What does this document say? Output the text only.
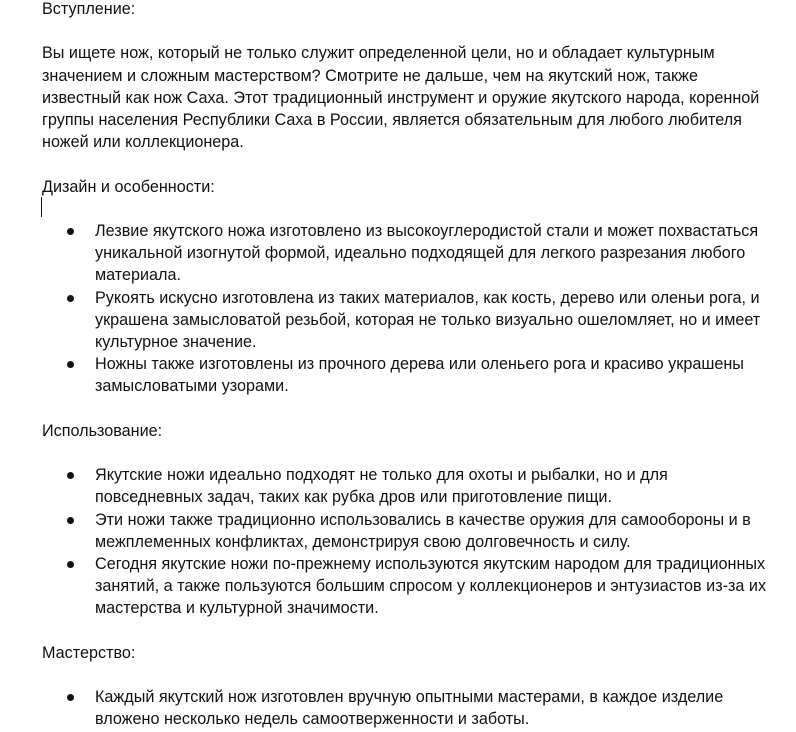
Вступление:

Вы ищете нож, который не только служит определенной цели, но и обладает культурным значением и сложным мастерством? Смотрите не дальше, чем на якутский нож, также известный как нож Саха. Этот традиционный инструмент и оружие якутского народа, коренной группы населения Республики Саха в России, является обязательным для любого любителя ножей или коллекционера.

Дизайн и особенности:

Лезвие якутского ножа изготовлено из высокоуглеродистой стали и может похвастаться уникальной изогнутой формой, идеально подходящей для легкого разрезания любого материала.
Рукоять искусно изготовлена из таких материалов, как кость, дерево или оленьи рога, и украшена замысловатой резьбой, которая не только визуально ошеломляет, но и имеет культурное значение.
Ножны также изготовлены из прочного дерева или оленьего рога и красиво украшены замысловатыми узорами.

Использование:

Якутские ножи идеально подходят не только для охоты и рыбалки, но и для повседневных задач, таких как рубка дров или приготовление пищи.
Эти ножи также традиционно использовались в качестве оружия для самообороны и в межплеменных конфликтах, демонстрируя свою долговечность и силу.
Сегодня якутские ножи по-прежнему используются якутским народом для традиционных занятий, а также пользуются большим спросом у коллекционеров и энтузиастов из-за их мастерства и культурной значимости.

Мастерство:

Каждый якутский нож изготовлен вручную опытными мастерами, в каждое изделие вложено несколько недель самоотверженности и заботы.
